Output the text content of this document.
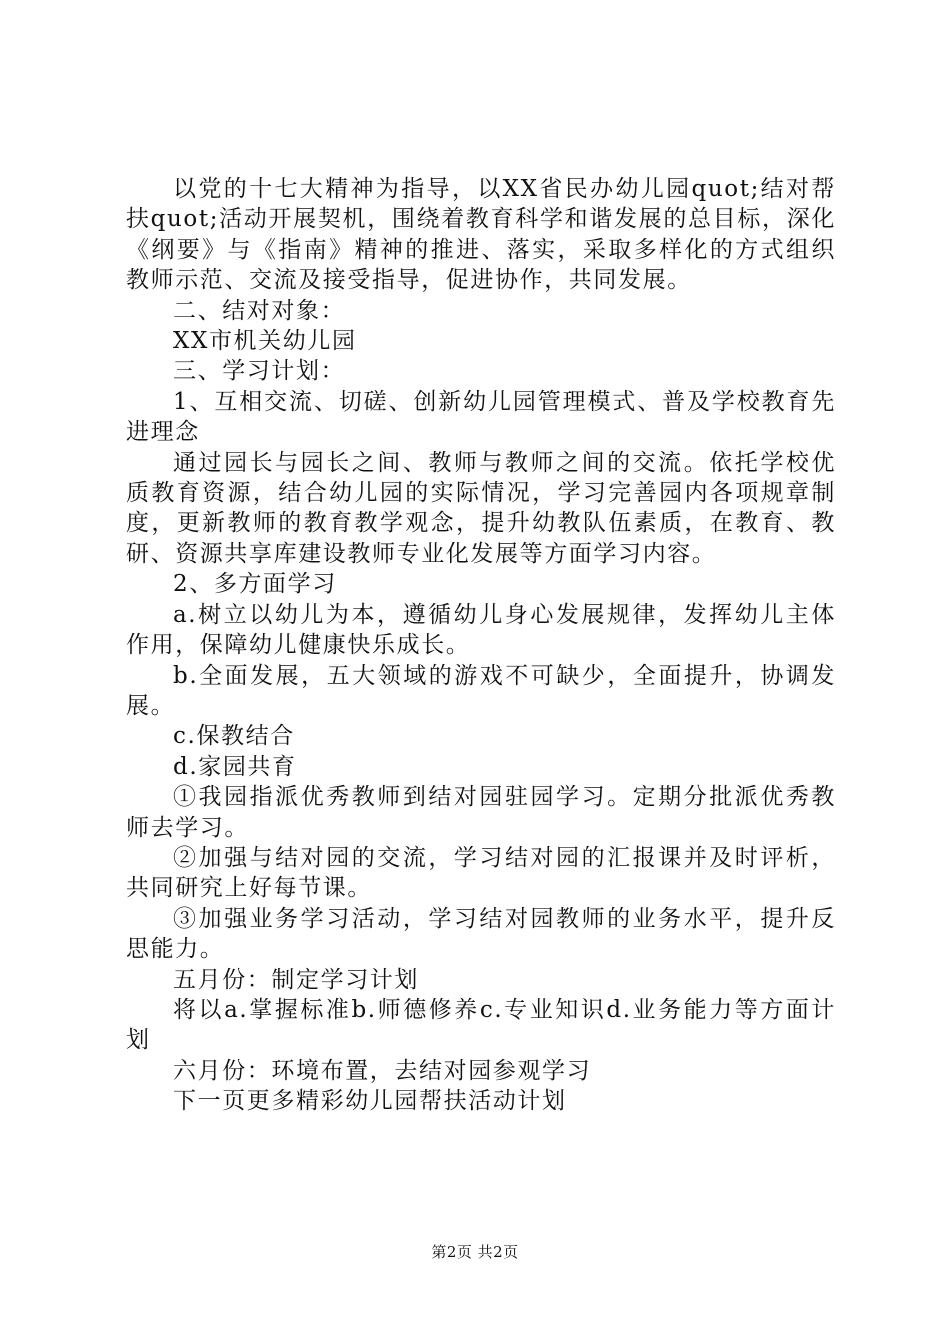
以党的十七大精神为指导，以XX省民办幼儿园quot;结对帮扶quot;活动开展契机，围绕着教育科学和谐发展的总目标，深化《纲要》与《指南》精神的推进、落实，采取多样化的方式组织教师示范、交流及接受指导，促进协作，共同发展。

二、结对对象：

XX市机关幼儿园

三、学习计划：

1、互相交流、切磋、创新幼儿园管理模式、普及学校教育先进理念

通过园长与园长之间、教师与教师之间的交流。依托学校优质教育资源，结合幼儿园的实际情况，学习完善园内各项规章制度，更新教师的教育教学观念，提升幼教队伍素质，在教育、教研、资源共享库建设教师专业化发展等方面学习内容。

2、多方面学习

a.树立以幼儿为本，遵循幼儿身心发展规律，发挥幼儿主体作用，保障幼儿健康快乐成长。

b.全面发展，五大领域的游戏不可缺少，全面提升，协调发展。

c.保教结合

d.家园共育

①我园指派优秀教师到结对园驻园学习。定期分批派优秀教师去学习。

②加强与结对园的交流，学习结对园的汇报课并及时评析，共同研究上好每节课。

③加强业务学习活动，学习结对园教师的业务水平，提升反思能力。

五月份：制定学习计划

将以a.掌握标准b.师德修养c.专业知识d.业务能力等方面计划

六月份：环境布置，去结对园参观学习

下一页更多精彩幼儿园帮扶活动计划

第2页 共2页
